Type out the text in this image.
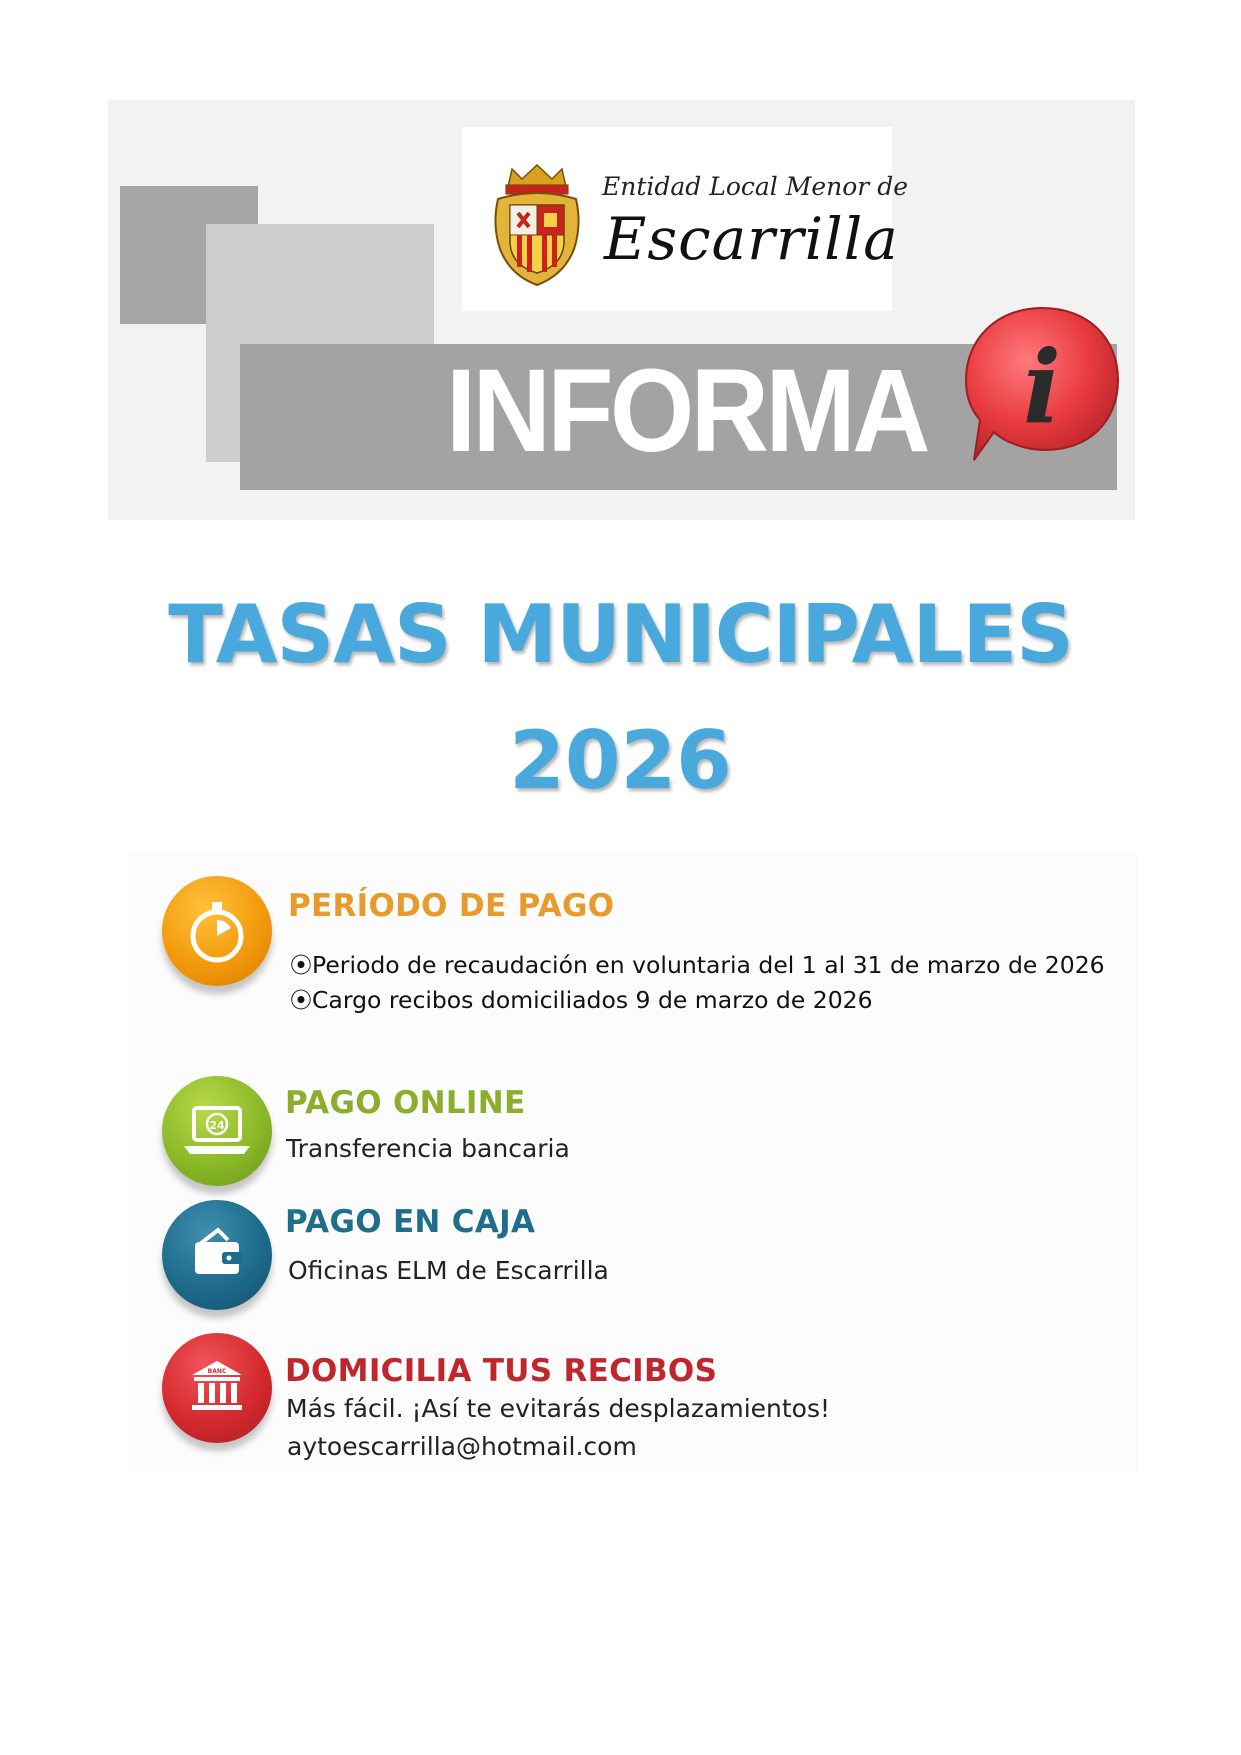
Entidad Local Menor de
Escarrilla
INFORMA i
TASAS MUNICIPALES
2026
PERÍODO DE PAGO
⦿Periodo de recaudación en voluntaria del 1 al 31 de marzo de 2026
⦿Cargo recibos domiciliados 9 de marzo de 2026
24
PAGO ONLINE
Transferencia bancaria
PAGO EN CAJA
Oficinas ELM de Escarrilla
BANC DOMICILIA TUS RECIBOS
Más fácil. ¡Así te evitarás desplazamientos!
aytoescarrilla@hotmail.com
